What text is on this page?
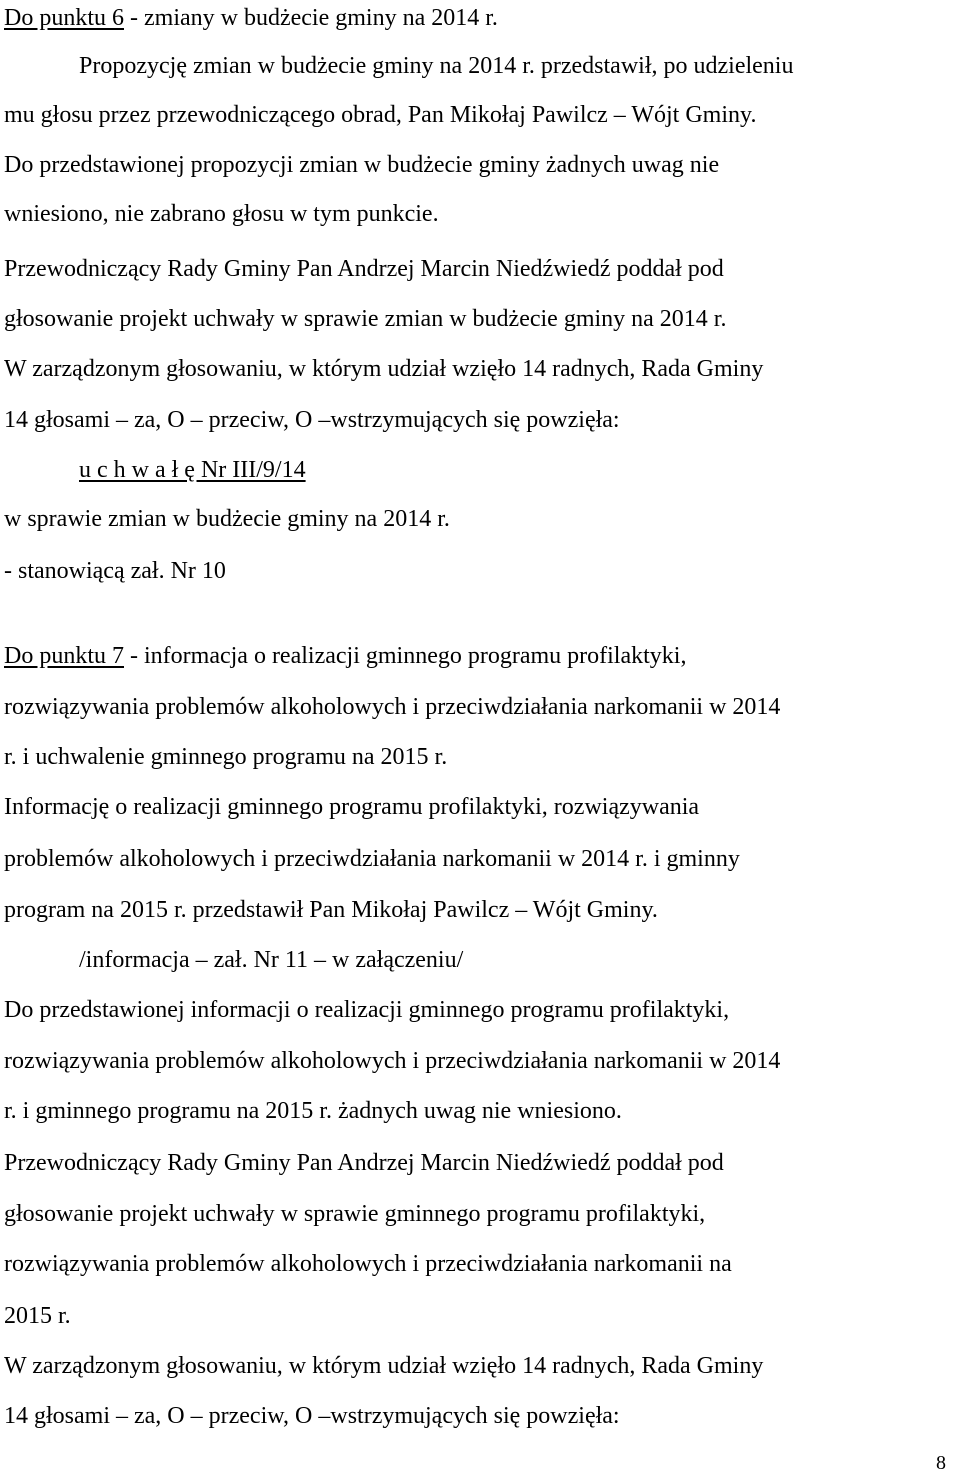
Do punktu 6 - zmiany w budżecie gminy na 2014 r.
Propozycję zmian w budżecie gminy na 2014 r. przedstawił, po udzieleniu
mu głosu przez przewodniczącego obrad, Pan Mikołaj Pawilcz – Wójt Gminy.
Do przedstawionej propozycji zmian w budżecie gminy żadnych uwag nie
wniesiono, nie zabrano głosu w tym punkcie.
Przewodniczący Rady Gminy Pan Andrzej Marcin Niedźwiedź poddał pod
głosowanie projekt uchwały w sprawie zmian w budżecie gminy na 2014 r.
W zarządzonym głosowaniu, w którym udział wzięło 14 radnych, Rada Gminy
14 głosami – za, O – przeciw, O –wstrzymujących się powzięła:
u c h w a ł ę Nr III/9/14
w sprawie zmian w budżecie gminy na 2014 r.
- stanowiącą zał. Nr 10
Do punktu 7 - informacja o realizacji gminnego programu profilaktyki,
rozwiązywania problemów alkoholowych i przeciwdziałania narkomanii w 2014
r. i uchwalenie gminnego programu na 2015 r.
Informację o realizacji gminnego programu profilaktyki, rozwiązywania
problemów alkoholowych i przeciwdziałania narkomanii w 2014 r. i gminny
program na 2015 r. przedstawił Pan Mikołaj Pawilcz – Wójt Gminy.
/informacja – zał. Nr 11 – w załączeniu/
Do przedstawionej informacji o realizacji gminnego programu profilaktyki,
rozwiązywania problemów alkoholowych i przeciwdziałania narkomanii w 2014
r. i gminnego programu na 2015 r. żadnych uwag nie wniesiono.
Przewodniczący Rady Gminy Pan Andrzej Marcin Niedźwiedź poddał pod
głosowanie projekt uchwały w sprawie gminnego programu profilaktyki,
rozwiązywania problemów alkoholowych i przeciwdziałania narkomanii na
2015 r.
W zarządzonym głosowaniu, w którym udział wzięło 14 radnych, Rada Gminy
14 głosami – za, O – przeciw, O –wstrzymujących się powzięła:
8
